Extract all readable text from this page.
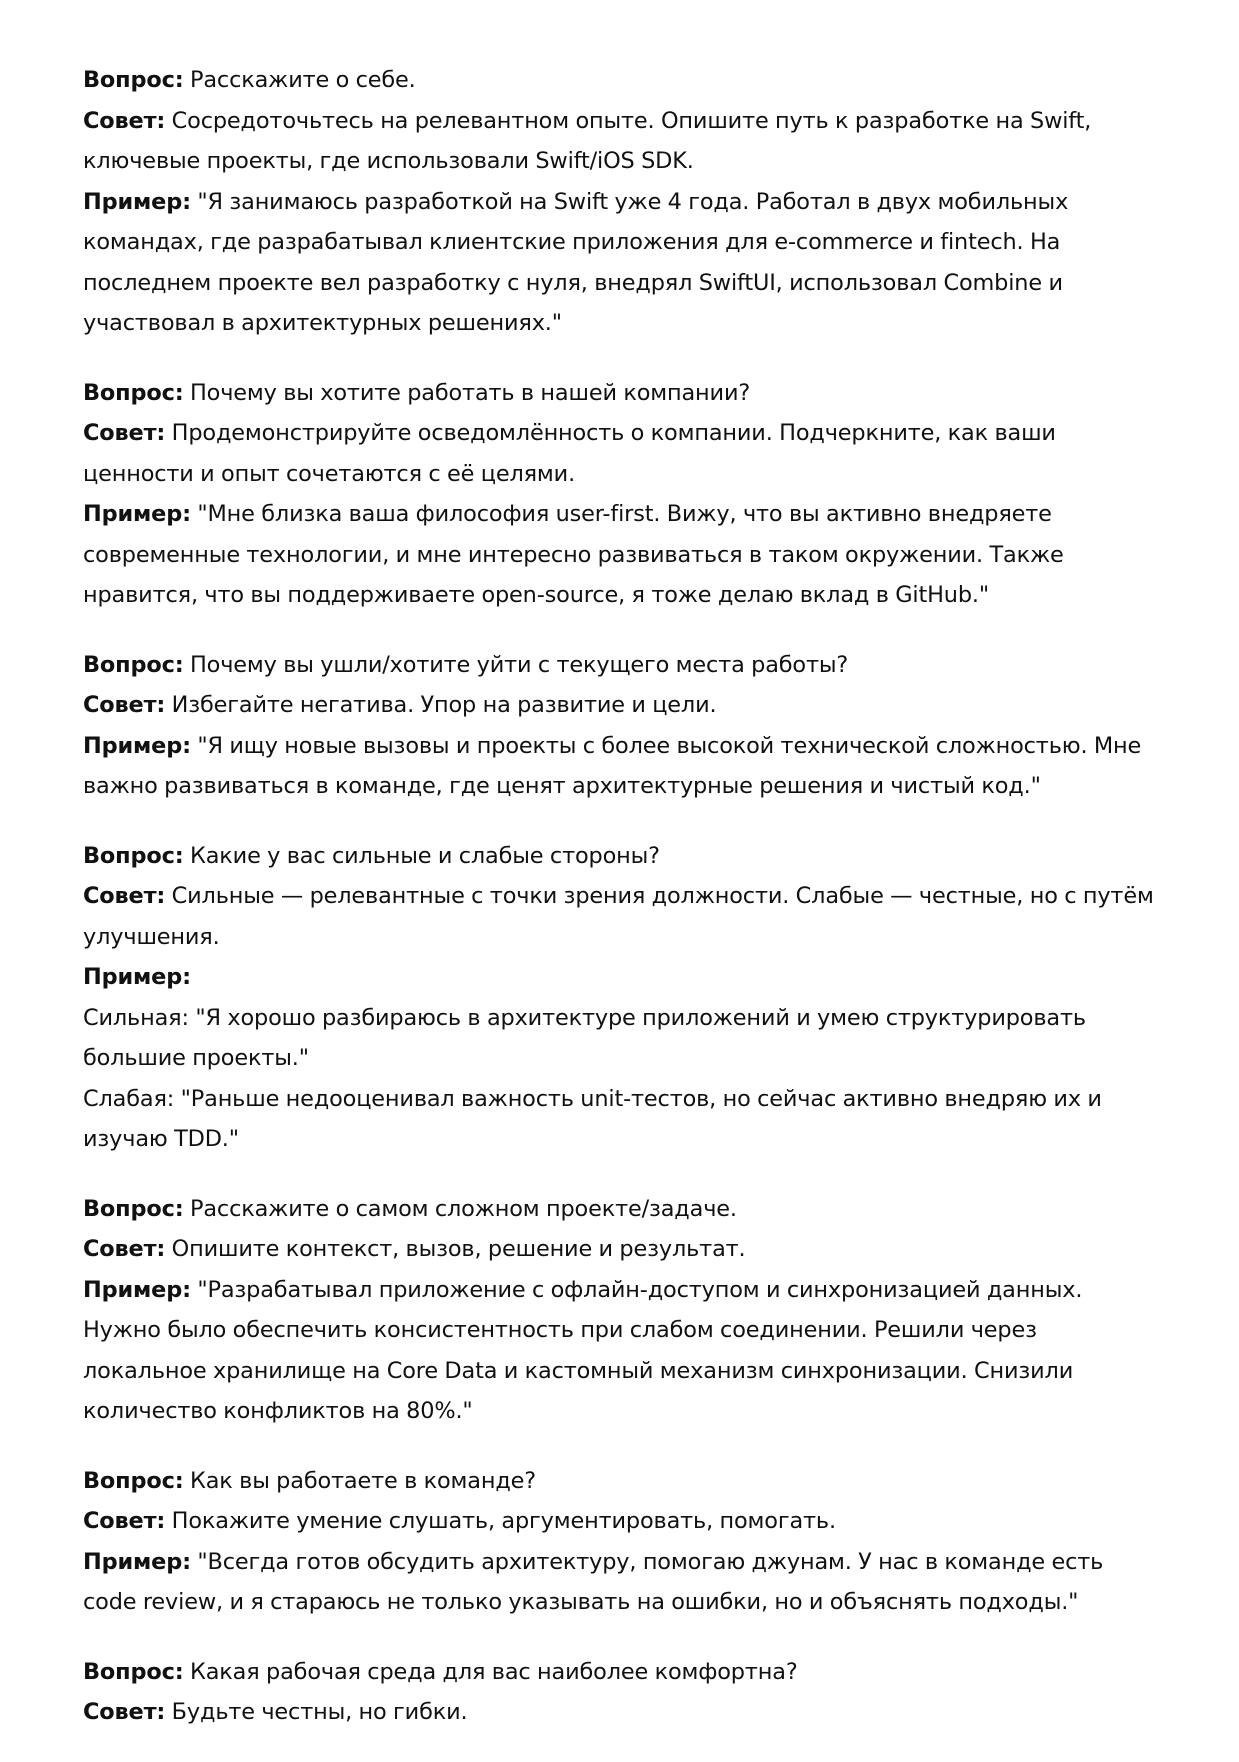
Вопрос: Расскажите о себе.

Совет: Сосредоточьтесь на релевантном опыте. Опишите путь к разработке на Swift, ключевые проекты, где использовали Swift/iOS SDK.

Пример: "Я занимаюсь разработкой на Swift уже 4 года. Работал в двух мобильных командах, где разрабатывал клиентские приложения для e-commerce и fintech. На последнем проекте вел разработку с нуля, внедрял SwiftUI, использовал Combine и участвовал в архитектурных решениях."

Вопрос: Почему вы хотите работать в нашей компании?

Совет: Продемонстрируйте осведомлённость о компании. Подчеркните, как ваши ценности и опыт сочетаются с её целями.

Пример: "Мне близка ваша философия user-first. Вижу, что вы активно внедряете современные технологии, и мне интересно развиваться в таком окружении. Также нравится, что вы поддерживаете open-source, я тоже делаю вклад в GitHub."

Вопрос: Почему вы ушли/хотите уйти с текущего места работы?

Совет: Избегайте негатива. Упор на развитие и цели.

Пример: "Я ищу новые вызовы и проекты с более высокой технической сложностью. Мне важно развиваться в команде, где ценят архитектурные решения и чистый код."

Вопрос: Какие у вас сильные и слабые стороны?

Совет: Сильные — релевантные с точки зрения должности. Слабые — честные, но с путём улучшения.

Пример:

Сильная: "Я хорошо разбираюсь в архитектуре приложений и умею структурировать большие проекты."

Слабая: "Раньше недооценивал важность unit-тестов, но сейчас активно внедряю их и изучаю TDD."

Вопрос: Расскажите о самом сложном проекте/задаче.

Совет: Опишите контекст, вызов, решение и результат.

Пример: "Разрабатывал приложение с офлайн-доступом и синхронизацией данных. Нужно было обеспечить консистентность при слабом соединении. Решили через локальное хранилище на Core Data и кастомный механизм синхронизации. Снизили количество конфликтов на 80%."

Вопрос: Как вы работаете в команде?

Совет: Покажите умение слушать, аргументировать, помогать.

Пример: "Всегда готов обсудить архитектуру, помогаю джунам. У нас в команде есть code review, и я стараюсь не только указывать на ошибки, но и объяснять подходы."

Вопрос: Какая рабочая среда для вас наиболее комфортна?

Совет: Будьте честны, но гибки.
